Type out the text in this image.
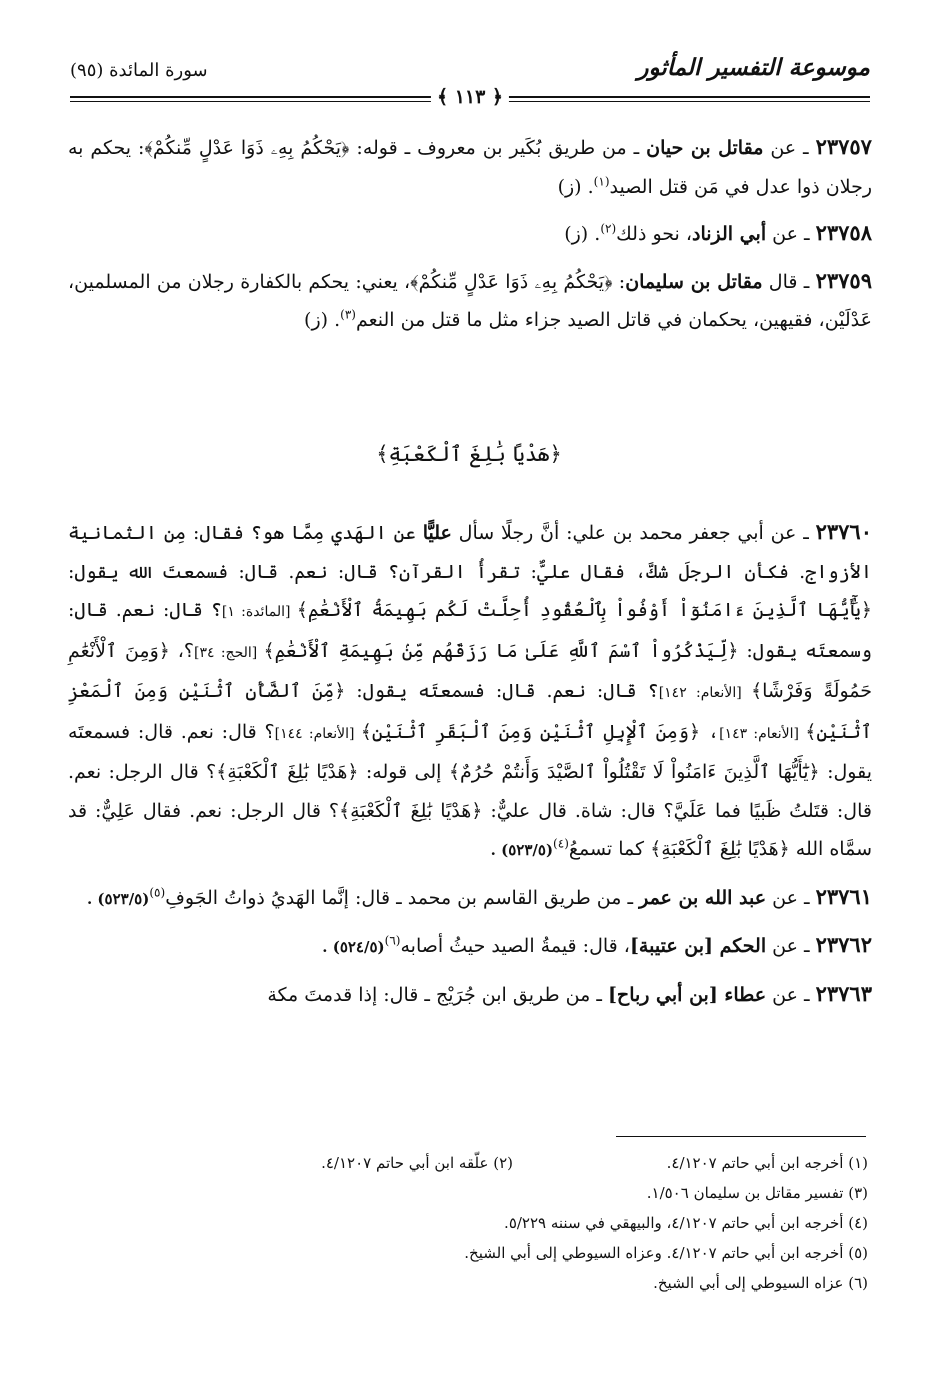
موسوعة التفسير المأثور
سورة المائدة (٩٥)
﴿ ١١٣ ﴾

٢٣٧٥٧ ـ عن مقاتل بن حيان ـ من طريق بُكَير بن معروف ـ قوله: ﴿يَحْكُمُ بِهِۦ ذَوَا عَدْلٍ مِّنكُمْ﴾: يحكم به رجلان ذوا عدل في مَن قتل الصيد$^{(١)}$. (ز)

٢٣٧٥٨ ـ عن أبي الزناد، نحو ذلك$^{(٢)}$. (ز)

٢٣٧٥٩ ـ قال مقاتل بن سليمان: ﴿يَحْكُمُ بِهِۦ ذَوَا عَدْلٍ مِّنكُمْ﴾، يعني: يحكم بالكفارة رجلان من المسلمين، عَدْلَيْن، فقيهين، يحكمان في قاتل الصيد جزاء مثل ما قتل من النعم$^{(٣)}$. (ز)

﴿هَدْيًا بَٰلِغَ ٱلْكَعْبَةِ﴾

٢٣٧٦٠ ـ عن أبي جعفر محمد بن علي: أنَّ رجلًا سأل عليًّا عن الهَدي مِمَّا هو؟ فقال: مِن الثمانية الأزواج. فكأن الرجلَ شكَّ، فقال عليٌّ: تقرأُ القرآن؟ قال: نعم. قال: فسمعتَ الله يقول: ﴿يَٰٓأَيُّهَا ٱلَّذِينَ ءَامَنُوٓاْ أَوْفُواْ بِٱلْعُقُودِ أُحِلَّتْ لَكُم بَهِيمَةُ ٱلْأَنْعَٰمِ﴾ [المائدة: ١]؟ قال: نعم. قال: وسمعتَه يقول: ﴿لِّيَذْكُرُواْ ٱسْمَ ٱللَّهِ عَلَىٰ مَا رَزَقَهُم مِّنۢ بَهِيمَةِ ٱلْأَنْعَٰمِ﴾ [الحج: ٣٤]؟، ﴿وَمِنَ ٱلْأَنْعَٰمِ حَمُولَةً وَفَرْشًا﴾ [الأنعام: ١٤٢]؟ قال: نعم. قال: فسمعتَه يقول: ﴿مِّنَ ٱلضَّأْنِ ٱثْنَيْنِ وَمِنَ ٱلْمَعْزِ ٱثْنَيْنِ﴾ [الأنعام: ١٤٣]، ﴿وَمِنَ ٱلْإِبِلِ ٱثْنَيْنِ وَمِنَ ٱلْبَقَرِ ٱثْنَيْنِ﴾ [الأنعام: ١٤٤]؟ قال: نعم. قال: فسمعتَه يقول: ﴿يَٰٓأَيُّهَا ٱلَّذِينَ ءَامَنُواْ لَا تَقْتُلُواْ ٱلصَّيْدَ وَأَنتُمْ حُرُمٌ﴾ إلى قوله: ﴿هَدْيًا بَٰلِغَ ٱلْكَعْبَةِ﴾؟ قال الرجل: نعم. قال: قتَلتُ ظَبيًا فما عَلَيَّ؟ قال: شاة. قال عليٌّ: ﴿هَدْيًا بَٰلِغَ ٱلْكَعْبَةِ﴾؟ قال الرجل: نعم. فقال عَلِيٌّ: قد سمَّاه الله ﴿هَدْيًا بَٰلِغَ ٱلْكَعْبَةِ﴾ كما تسمعُ$^{(٤)}$. (٥٢٣/٥)

٢٣٧٦١ ـ عن عبد الله بن عمر ـ من طريق القاسم بن محمد ـ قال: إنَّما الهَديُ ذواتُ الجَوفِ$^{(٥)}$. (٥٢٣/٥)

٢٣٧٦٢ ـ عن الحكم [بن عتيبة]، قال: قيمةُ الصيد حيثُ أصابه$^{(٦)}$. (٥٢٤/٥)

٢٣٧٦٣ ـ عن عطاء [بن أبي رباح] ـ من طريق ابن جُرَيْج ـ قال: إذا قدمتَ مكة

(١) أخرجه ابن أبي حاتم ٤/١٢٠٧.(٢) علّقه ابن أبي حاتم ٤/١٢٠٧.
(٣) تفسير مقاتل بن سليمان ١/٥٠٦.
(٤) أخرجه ابن أبي حاتم ٤/١٢٠٧، والبيهقي في سننه ٥/٢٢٩.
(٥) أخرجه ابن أبي حاتم ٤/١٢٠٧. وعزاه السيوطي إلى أبي الشيخ.
(٦) عزاه السيوطي إلى أبي الشيخ.
